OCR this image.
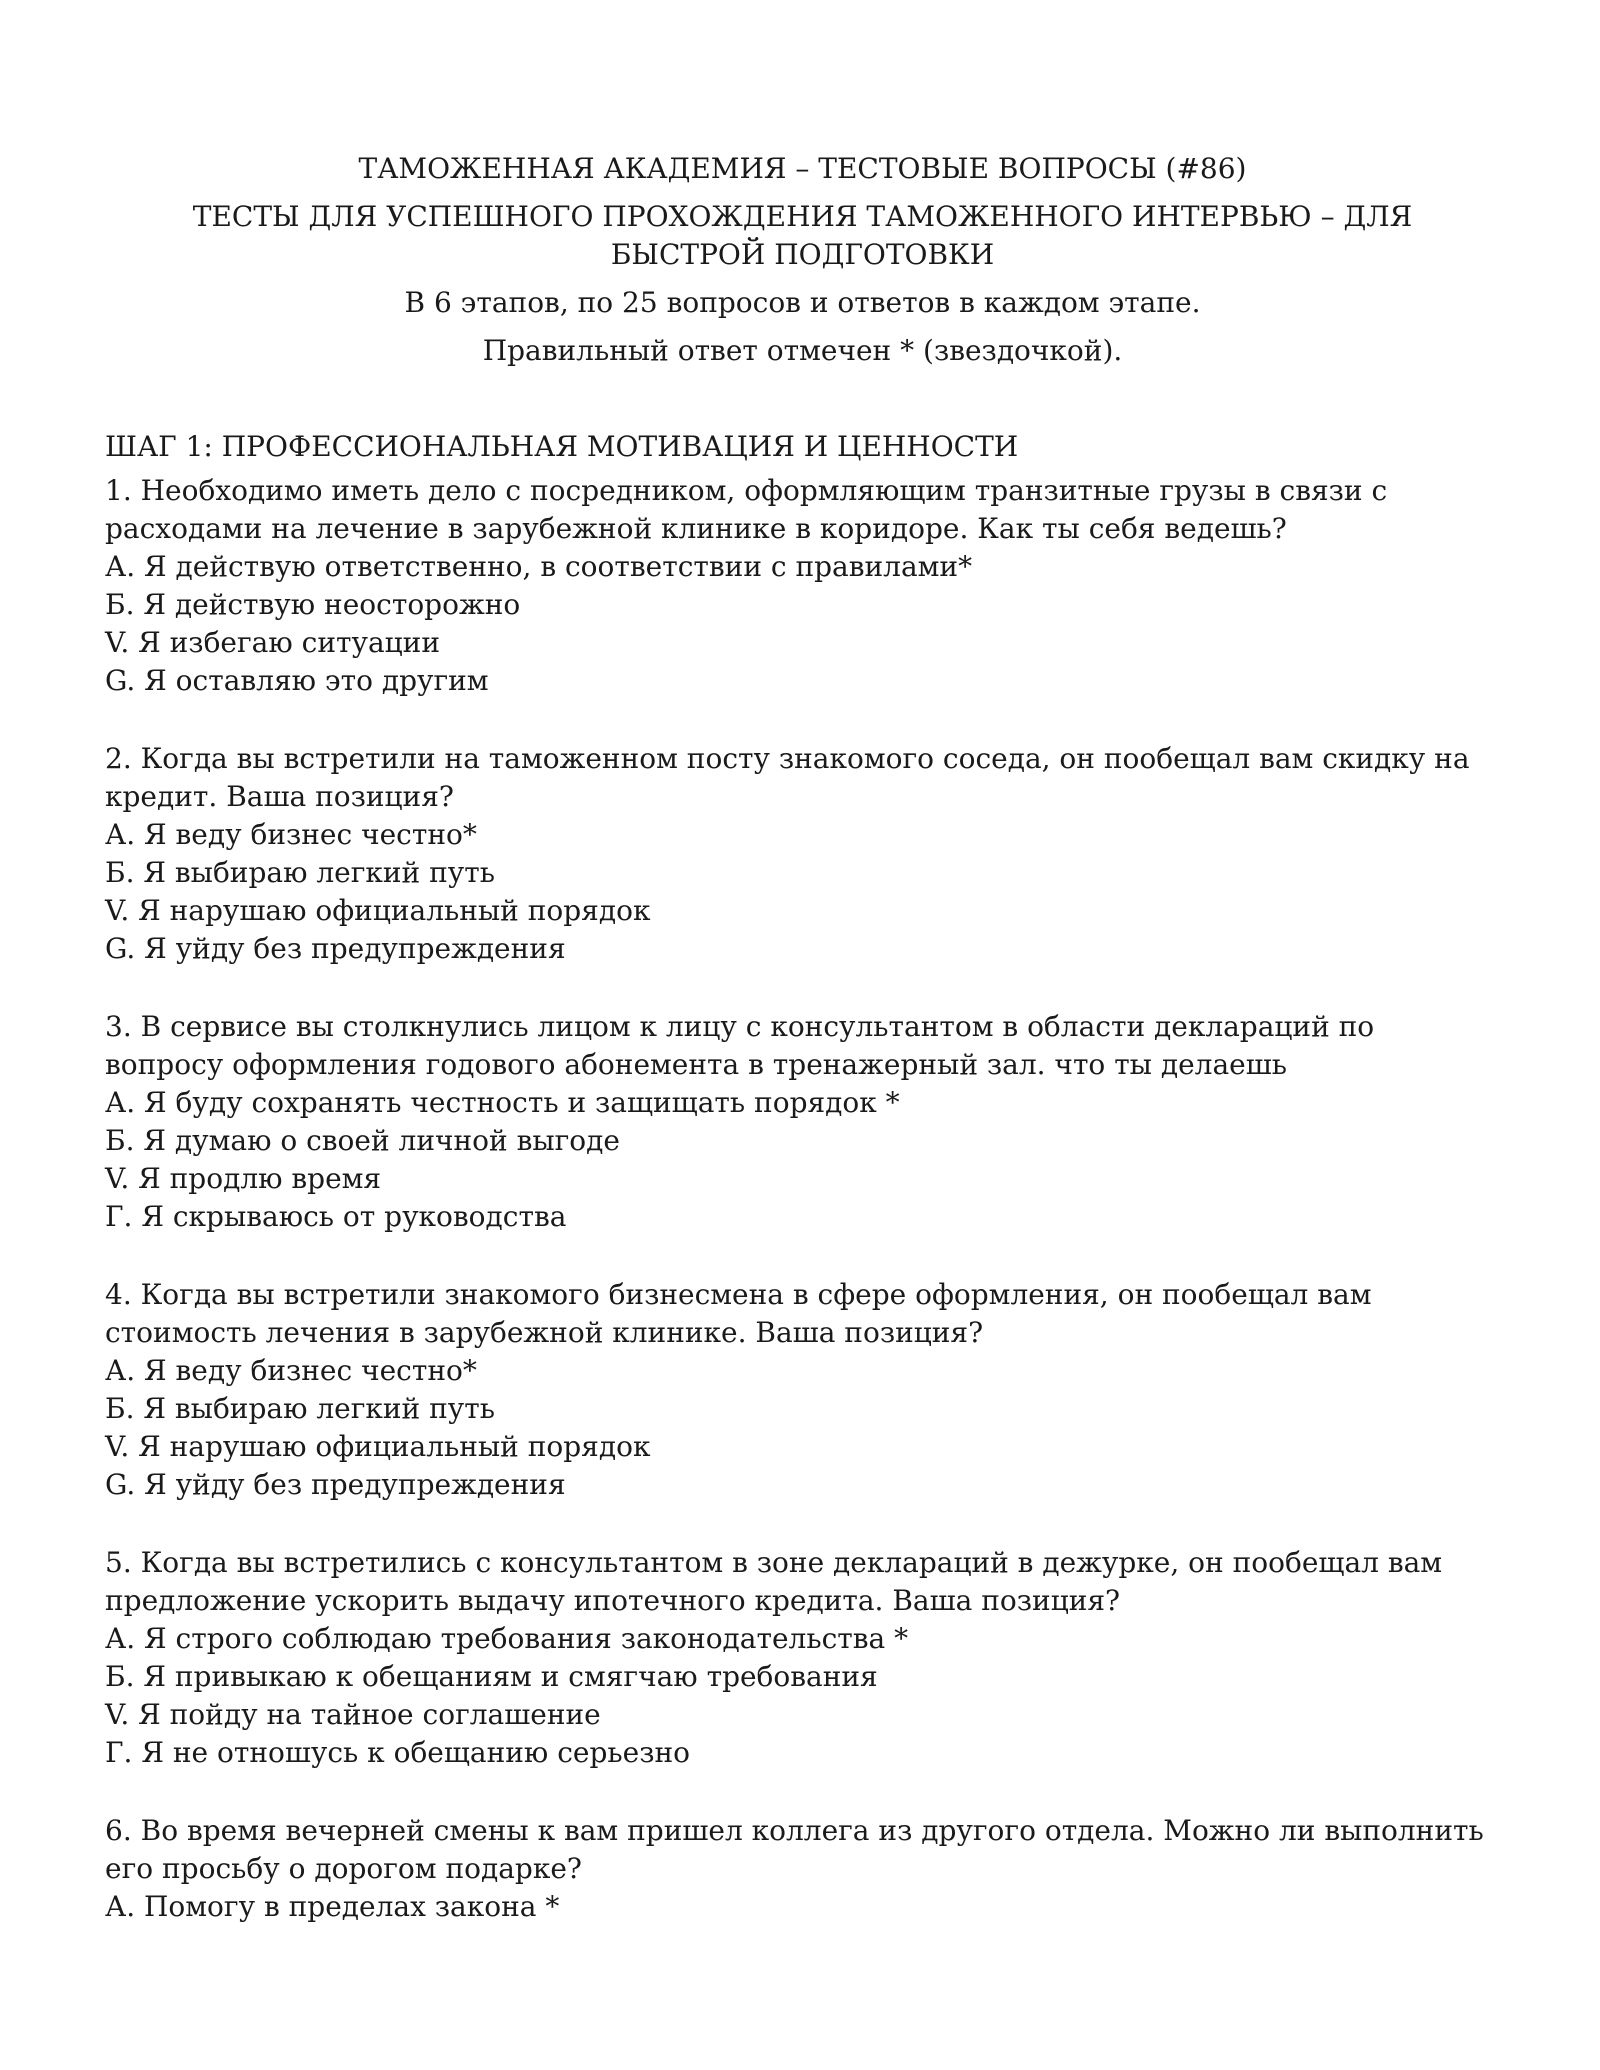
ТАМОЖЕННАЯ АКАДЕМИЯ – ТЕСТОВЫЕ ВОПРОСЫ (#86)

ТЕСТЫ ДЛЯ УСПЕШНОГО ПРОХОЖДЕНИЯ ТАМОЖЕННОГО ИНТЕРВЬЮ – ДЛЯ БЫСТРОЙ ПОДГОТОВКИ

В 6 этапов, по 25 вопросов и ответов в каждом этапе.

Правильный ответ отмечен * (звездочкой).

ШАГ 1: ПРОФЕССИОНАЛЬНАЯ МОТИВАЦИЯ И ЦЕННОСТИ

1. Необходимо иметь дело с посредником, оформляющим транзитные грузы в связи с расходами на лечение в зарубежной клинике в коридоре. Как ты себя ведешь?

А. Я действую ответственно, в соответствии с правилами*

Б. Я действую неосторожно

V. Я избегаю ситуации

G. Я оставляю это другим

2. Когда вы встретили на таможенном посту знакомого соседа, он пообещал вам скидку на кредит. Ваша позиция?

А. Я веду бизнес честно*

Б. Я выбираю легкий путь

V. Я нарушаю официальный порядок

G. Я уйду без предупреждения

3. В сервисе вы столкнулись лицом к лицу с консультантом в области деклараций по вопросу оформления годового абонемента в тренажерный зал. что ты делаешь

А. Я буду сохранять честность и защищать порядок *

Б. Я думаю о своей личной выгоде

V. Я продлю время

Г. Я скрываюсь от руководства

4. Когда вы встретили знакомого бизнесмена в сфере оформления, он пообещал вам стоимость лечения в зарубежной клинике. Ваша позиция?

А. Я веду бизнес честно*

Б. Я выбираю легкий путь

V. Я нарушаю официальный порядок

G. Я уйду без предупреждения

5. Когда вы встретились с консультантом в зоне деклараций в дежурке, он пообещал вам предложение ускорить выдачу ипотечного кредита. Ваша позиция?

А. Я строго соблюдаю требования законодательства *

Б. Я привыкаю к обещаниям и смягчаю требования

V. Я пойду на тайное соглашение

Г. Я не отношусь к обещанию серьезно

6. Во время вечерней смены к вам пришел коллега из другого отдела. Можно ли выполнить его просьбу о дорогом подарке?

А. Помогу в пределах закона *
